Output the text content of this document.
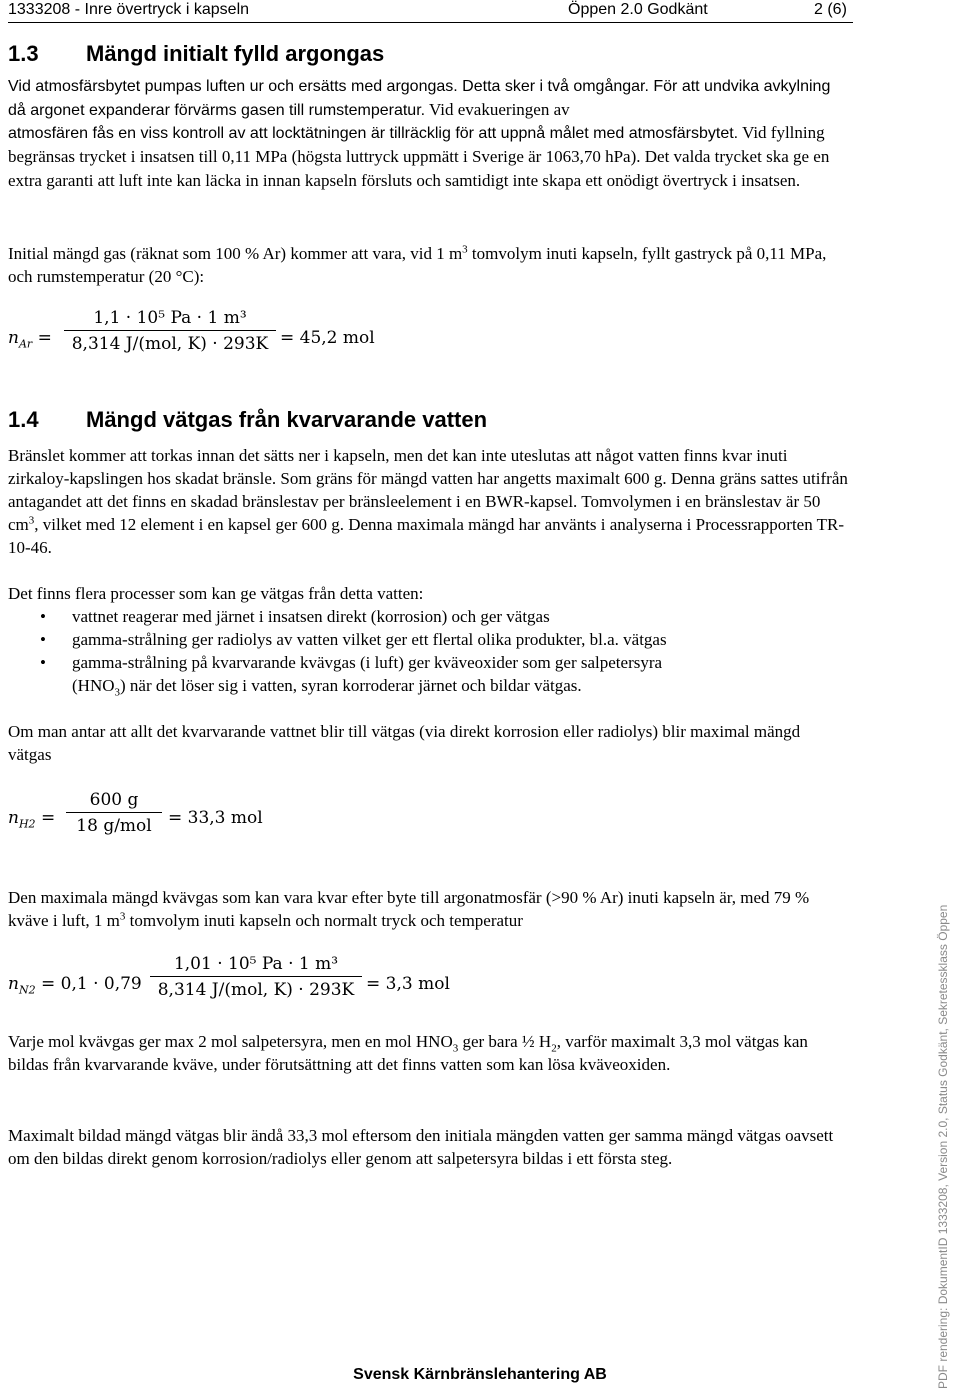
1333208 - Inre övertryck i kapseln	Öppen 2.0 Godkänt	2 (6)
1.3 Mängd initialt fylld argongas
Vid atmosfärsbytet pumpas luften ur och ersätts med argongas. Detta sker i två omgångar. För att undvika avkylning då argonet expanderar förvärms gasen till rumstemperatur. Vid evakueringen av
atmosfären fås en viss kontroll av att locktätningen är tillräcklig för att uppnå målet med atmosfärsbytet. Vid fyllning begränsas trycket i insatsen till 0,11 MPa (högsta luttryck uppmätt i Sverige är 1063,70 hPa). Det valda trycket ska ge en extra garanti att luft inte kan läcka in innan kapseln försluts och samtidigt inte skapa ett onödigt övertryck i insatsen.
Initial mängd gas (räknat som 100 % Ar) kommer att vara, vid 1 $m^3$ tomvolym inuti kapseln, fyllt gastryck på 0,11 MPa, och rumstemperatur (20 °C):
$n_{Ar}$ =
1,1 · 10⁵ Pa · 1 m³
8,314 J/(mol, K) · 293K = 45,2 mol
1.4 Mängd vätgas från kvarvarande vatten
Bränslet kommer att torkas innan det sätts ner i kapseln, men det kan inte uteslutas att något vatten finns kvar inuti zirkaloy-kapslingen hos skadat bränsle. Som gräns för mängd vatten har angetts maximalt 600 g. Denna gräns sattes utifrån antagandet att det finns en skadad bränslestav per bränsleelement i en BWR-kapsel. Tomvolymen i en bränslestav är 50 $cm^3$, vilket med 12 element i en kapsel ger 600 g. Denna maximala mängd har använts i analyserna i Processrapporten TR-10-46.
Det finns flera processer som kan ge vätgas från detta vatten:
• vattnet reagerar med järnet i insatsen direkt (korrosion) och ger vätgas
• gamma-strålning ger radiolys av vatten vilket ger ett flertal olika produkter, bl.a. vätgas
• gamma-strålning på kvarvarande kvävgas (i luft) ger kväveoxider som ger salpetersyra
$(HNO_3)$ när det löser sig i vatten, syran korroderar järnet och bildar vätgas.
Om man antar att allt det kvarvarande vattnet blir till vätgas (via direkt korrosion eller radiolys) blir maximal mängd vätgas
$n_{H2}$ =
600 g
18 g/mol = 33,3 mol
Den maximala mängd kvävgas som kan vara kvar efter byte till argonatmosfär (>90 % Ar) inuti kapseln är, med 79 % kväve i luft, 1 $m^3$ tomvolym inuti kapseln och normalt tryck och temperatur
$n_{N2} = 0,1 \cdot 0,79$
1,01 · 10⁵ Pa · 1 m³
8,314 J/(mol, K) · 293K = 3,3 mol
Varje mol kvävgas ger max 2 mol salpetersyra, men en mol $HNO_3$ ger bara ½ $H_2$, varför maximalt 3,3 mol vätgas kan bildas från kvarvarande kväve, under förutsättning att det finns vatten som kan lösa kväveoxiden.
Maximalt bildad mängd vätgas blir ändå 33,3 mol eftersom den initiala mängden vatten ger samma mängd vätgas oavsett om den bildas direkt genom korrosion/radiolys eller genom att salpetersyra bildas i ett första steg.
Svensk Kärnbränslehantering AB	PDF rendering: DokumentID 1333208, Version 2.0, Status Godkänt, Sekretessklass Öppen
